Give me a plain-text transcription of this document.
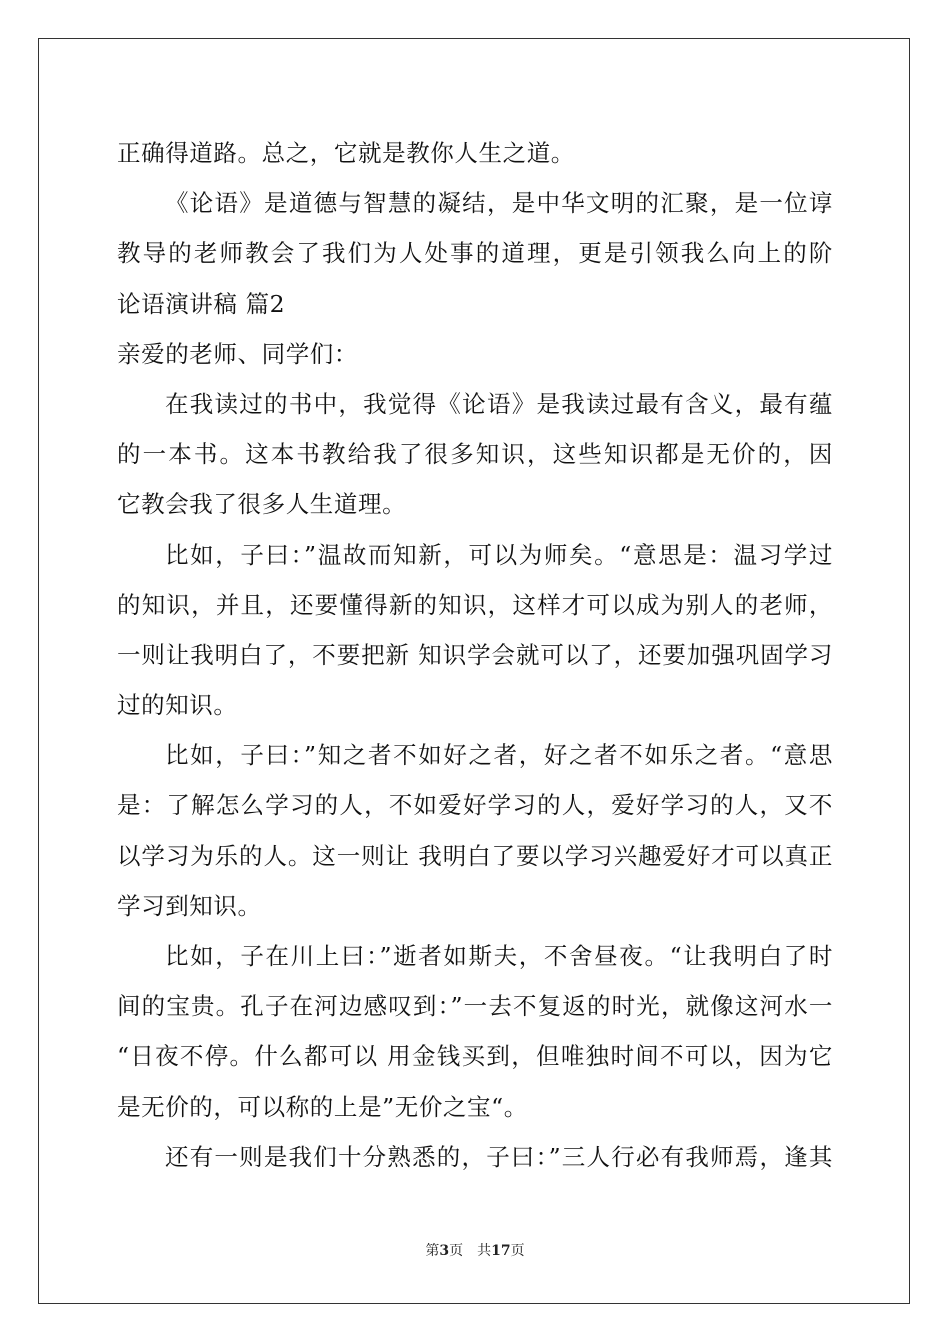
正确得道路。总之，它就是教你人生之道。
《论语》是道德与智慧的凝结，是中华文明的汇聚，是一位谆
教导的老师教会了我们为人处事的道理，更是引领我么向上的阶
论语演讲稿 篇2
亲爱的老师、同学们：
在我读过的书中，我觉得《论语》是我读过最有含义，最有蕴
的一本书。这本书教给我了很多知识，这些知识都是无价的，因
它教会我了很多人生道理。
比如，子曰：”温故而知新，可以为师矣。“意思是：温习学过
的知识，并且，还要懂得新的知识，这样才可以成为别人的老师，
一则让我明白了，不要把新 知识学会就可以了，还要加强巩固学习
过的知识。
比如，子曰：”知之者不如好之者，好之者不如乐之者。“意思
是：了解怎么学习的人，不如爱好学习的人，爱好学习的人，又不
以学习为乐的人。这一则让 我明白了要以学习兴趣爱好才可以真正
学习到知识。
比如，子在川上曰：”逝者如斯夫，不舍昼夜。“让我明白了时
间的宝贵。孔子在河边感叹到：”一去不复返的时光，就像这河水一
“日夜不停。什么都可以 用金钱买到，但唯独时间不可以，因为它
是无价的，可以称的上是”无价之宝“。
还有一则是我们十分熟悉的，子曰：”三人行必有我师焉，逢其
第3页 共17页
